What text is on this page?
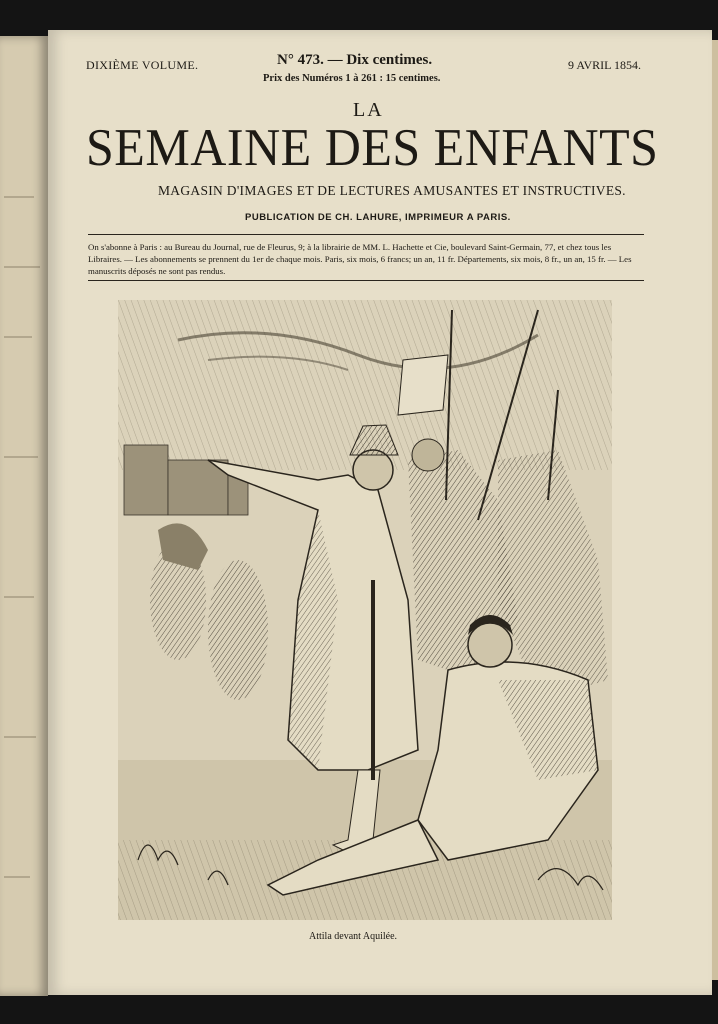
DIXIÈME VOLUME.	N° 473. — Dix centimes.	9 AVRIL 1854.
Prix des Numéros 1 à 261 : 15 centimes.
LA
SEMAINE DES ENFANTS
MAGASIN D'IMAGES ET DE LECTURES AMUSANTES ET INSTRUCTIVES.
PUBLICATION DE CH. LAHURE, IMPRIMEUR A PARIS.
On s'abonne à Paris : au Bureau du Journal, rue de Fleurus, 9; à la librairie de MM. L. Hachette et Cie, boulevard Saint-Germain, 77, et chez tous les Libraires. — Les abonnements se prennent du 1er de chaque mois. Paris, six mois, 6 francs; un an, 11 fr. Départements, six mois, 8 fr., un an, 15 fr. — Les manuscrits déposés ne sont pas rendus.
Attila devant Aquilée.
